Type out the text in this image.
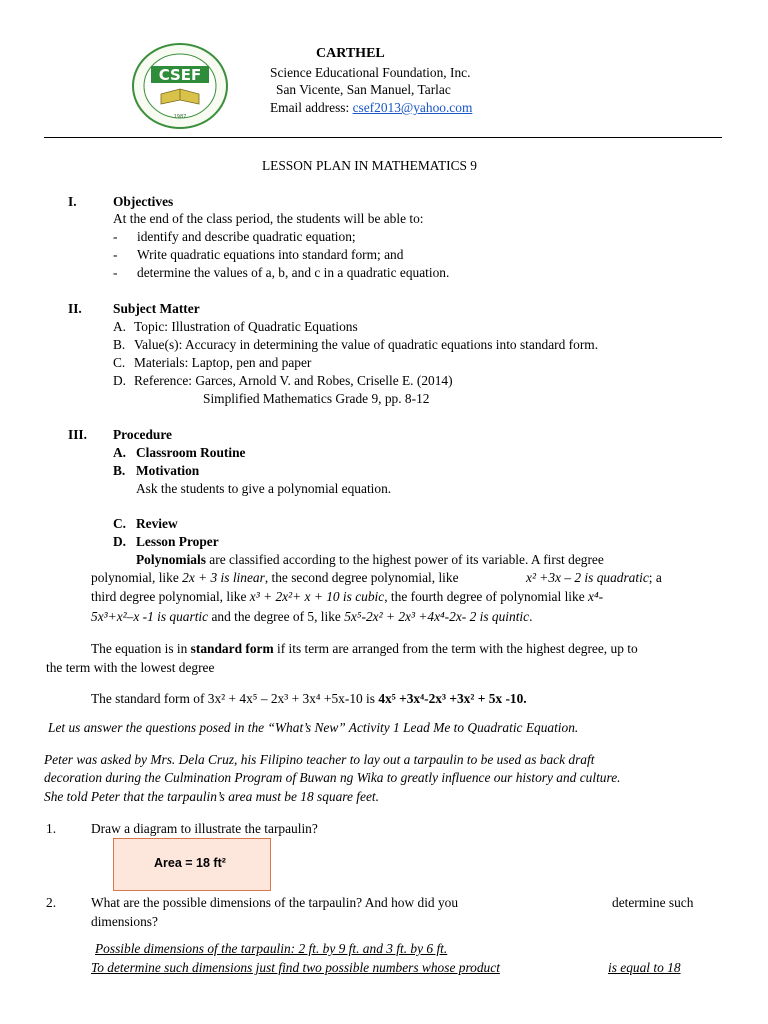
CSEF
1987
CARTHEL
Science Educational Foundation, Inc.
San Vicente, San Manuel, Tarlac
Email address: csef2013@yahoo.com
LESSON PLAN IN MATHEMATICS 9
I.	Objectives
At the end of the class period, the students will be able to:
- identify and describe quadratic equation;
- Write quadratic equations into standard form; and
- determine the values of a, b, and c in a quadratic equation.
II. Subject Matter
A. Topic: Illustration of Quadratic Equations
B. Value(s): Accuracy in determining the value of quadratic equations into standard form.
C. Materials: Laptop, pen and paper
D. Reference: Garces, Arnold V. and Robes, Criselle E. (2014)
Simplified Mathematics Grade 9, pp. 8-12
III. Procedure
A. Classroom Routine
B. Motivation
Ask the students to give a polynomial equation.
C. Review
D. Lesson Proper
Polynomials are classified according to the highest power of its variable. A first degree
polynomial, like 2x + 3 is linear, the second degree polynomial, like	x² +3x – 2 is quadratic; a
third degree polynomial, like x³ + 2x²+ x + 10 is cubic, the fourth degree of polynomial like x⁴-
5x³+x²–x -1 is quartic and the degree of 5, like 5x⁵-2x² + 2x³ +4x⁴-2x- 2 is quintic.
The equation is in standard form if its term are arranged from the term with the highest degree, up to
the term with the lowest degree
The standard form of 3x² + 4x⁵ – 2x³ + 3x⁴ +5x-10 is 4x⁵ +3x⁴-2x³ +3x² + 5x -10.
Let us answer the questions posed in the “What’s New” Activity 1 Lead Me to Quadratic Equation.
Peter was asked by Mrs. Dela Cruz, his Filipino teacher to lay out a tarpaulin to be used as back draft
decoration during the Culmination Program of Buwan ng Wika to greatly influence our history and culture.
She told Peter that the tarpaulin’s area must be 18 square feet.
1.	Draw a diagram to illustrate the tarpaulin?
Area = 18 ft²
2.	What are the possible dimensions of the tarpaulin? And how did you	determine such
dimensions?
Possible dimensions of the tarpaulin: 2 ft. by 9 ft. and 3 ft. by 6 ft.
To determine such dimensions just find two possible numbers whose product	is equal to 18
